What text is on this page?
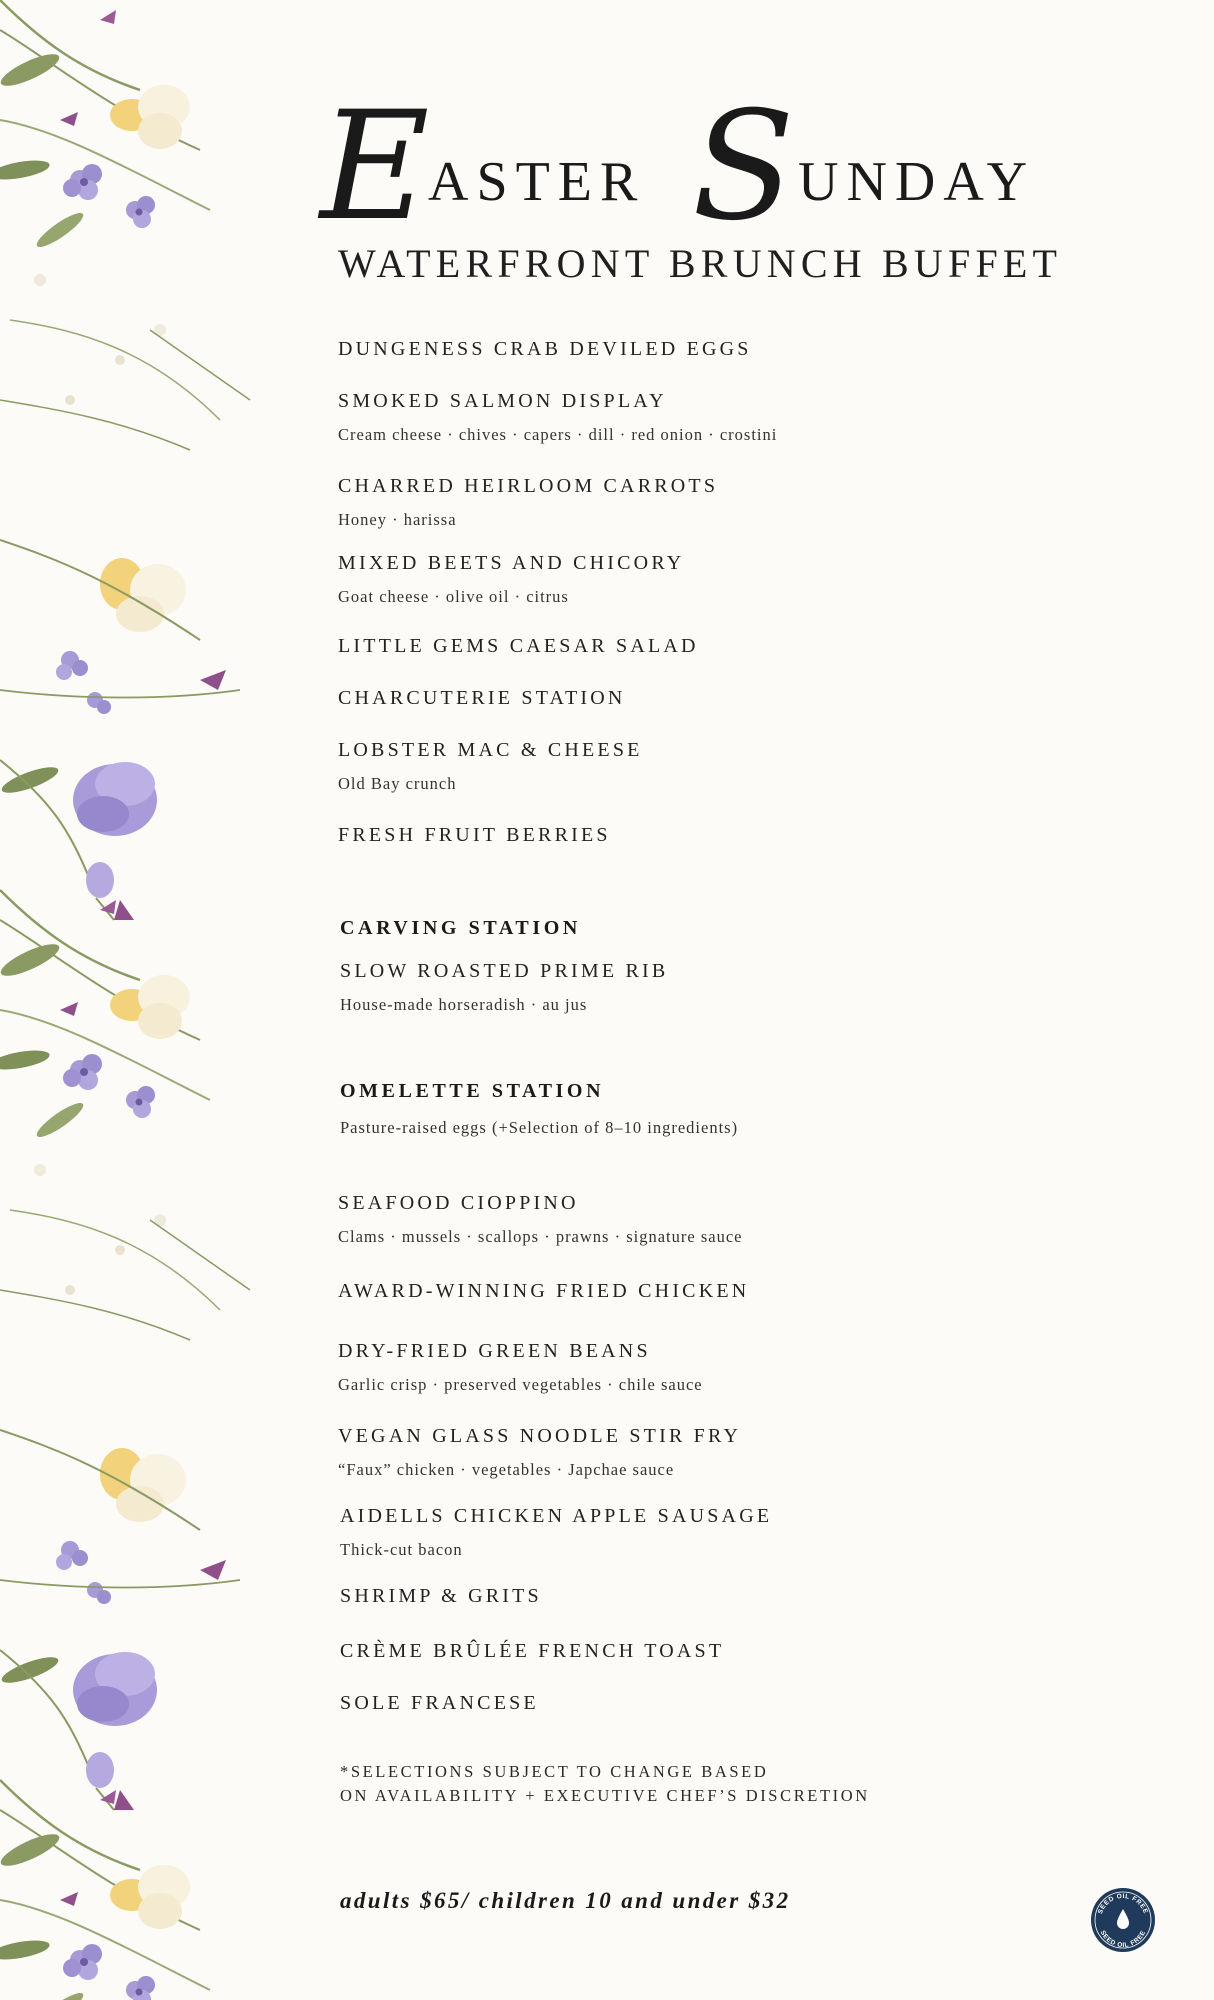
E
ASTER S UNDAY
WATERFRONT BRUNCH BUFFET
DUNGENESS CRAB DEVILED EGGS
SMOKED SALMON DISPLAY
Cream cheese · chives · capers · dill · red onion · crostini
CHARRED HEIRLOOM CARROTS
Honey · harissa
MIXED BEETS AND CHICORY
Goat cheese · olive oil · citrus
LITTLE GEMS CAESAR SALAD
CHARCUTERIE STATION
LOBSTER MAC & CHEESE
Old Bay crunch
FRESH FRUIT BERRIES
CARVING STATION
SLOW ROASTED PRIME RIB
House-made horseradish · au jus
OMELETTE STATION
Pasture-raised eggs (+Selection of 8–10 ingredients)
SEAFOOD CIOPPINO
Clams · mussels · scallops · prawns · signature sauce
AWARD-WINNING FRIED CHICKEN
DRY-FRIED GREEN BEANS
Garlic crisp · preserved vegetables · chile sauce
VEGAN GLASS NOODLE STIR FRY
“Faux” chicken · vegetables · Japchae sauce
AIDELLS CHICKEN APPLE SAUSAGE
Thick-cut bacon
SHRIMP & GRITS
CRÈME BRÛLÉE FRENCH TOAST
SOLE FRANCESE
*SELECTIONS SUBJECT TO CHANGE BASED
ON AVAILABILITY + EXECUTIVE CHEF’S DISCRETION
adults $65/ children 10 and under $32	SEED OIL FREE
SEED OIL FREE
